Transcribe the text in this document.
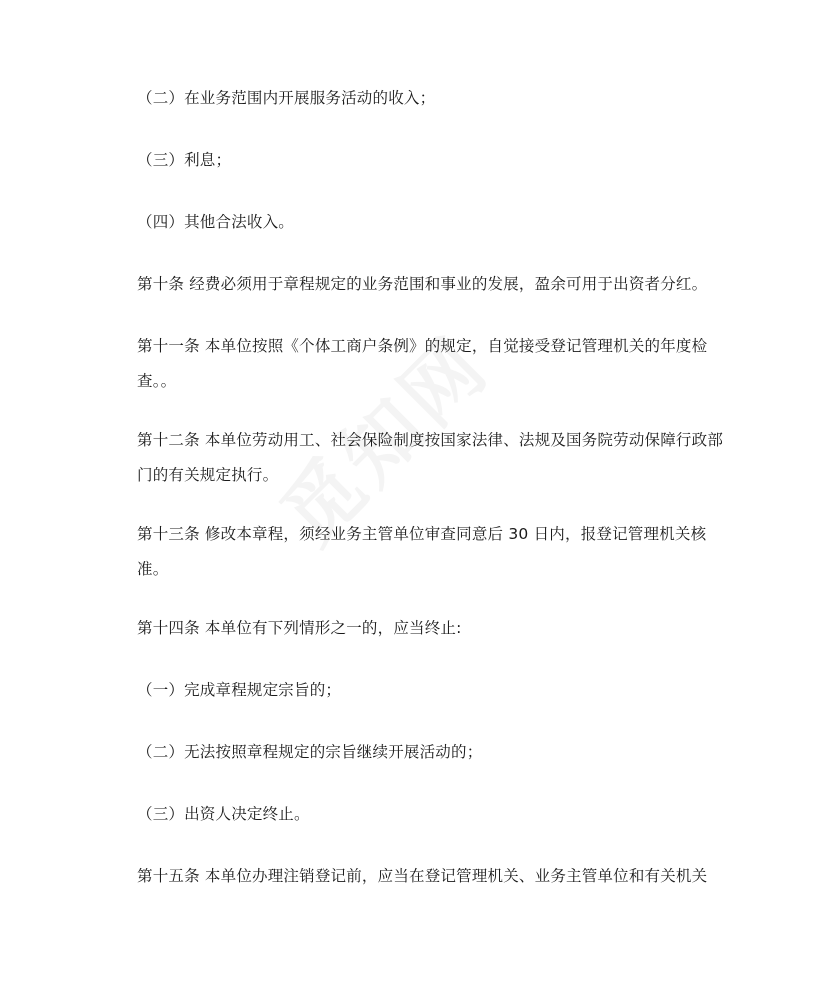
（二）在业务范围内开展服务活动的收入；

（三）利息；

（四）其他合法收入。

第十条 经费必须用于章程规定的业务范围和事业的发展，盈余可用于出资者分红。

第十一条 本单位按照《个体工商户条例》的规定，自觉接受登记管理机关的年度检查。。

第十二条 本单位劳动用工、社会保险制度按国家法律、法规及国务院劳动保障行政部门的有关规定执行。

第十三条 修改本章程，须经业务主管单位审查同意后 30 日内，报登记管理机关核准。

第十四条 本单位有下列情形之一的，应当终止:

（一）完成章程规定宗旨的；

（二）无法按照章程规定的宗旨继续开展活动的；

（三）出资人决定终止。

第十五条 本单位办理注销登记前，应当在登记管理机关、业务主管单位和有关机关
